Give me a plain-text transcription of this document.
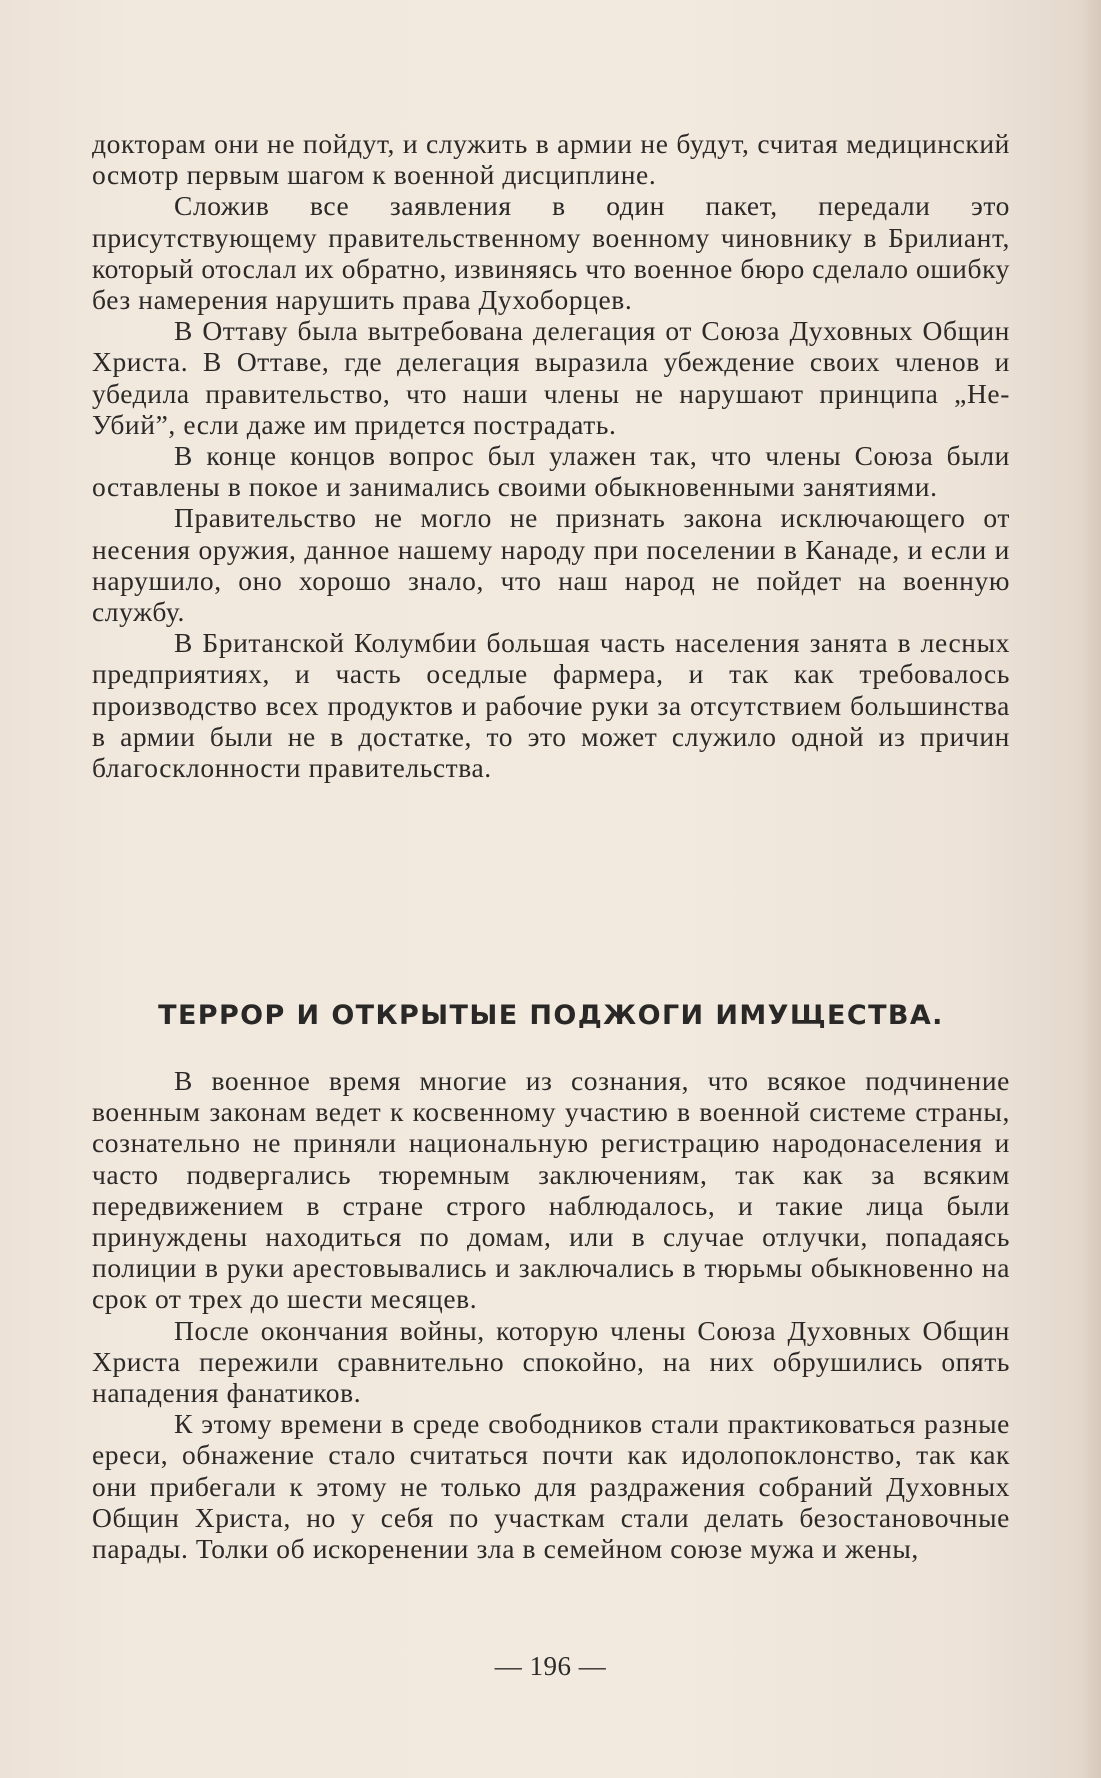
докторам они не пойдут, и служить в армии не будут, считая медицинский осмотр первым шагом к военной дисциплине.

Сложив все заявления в один пакет, передали это присутствующему правительственному военному чиновнику в Брилиант, который отослал их обратно, извиняясь что военное бюро сделало ошибку без намерения нарушить права Духоборцев.

В Оттаву была вытребована делегация от Союза Духовных Общин Христа. В Оттаве, где делегация выразила убеждение своих членов и убедила правительство, что наши члены не нарушают принципа „Не-Убий”, если даже им придется пострадать.

В конце концов вопрос был улажен так, что члены Союза были оставлены в покое и занимались своими обыкновенными занятиями.

Правительство не могло не признать закона исключающего от несения оружия, данное нашему народу при поселении в Канаде, и если и нарушило, оно хорошо знало, что наш народ не пойдет на военную службу.

В Британской Колумбии большая часть населения занята в лесных предприятиях, и часть оседлые фармера, и так как требовалось производство всех продуктов и рабочие руки за отсутствием большинства в армии были не в достатке, то это может служило одной из причин благосклонности правительства.

ТЕРРОР И ОТКРЫТЫЕ ПОДЖОГИ ИМУЩЕСТВА.

В военное время многие из сознания, что всякое подчинение военным законам ведет к косвенному участию в военной системе страны, сознательно не приняли национальную регистрацию народонаселения и часто подвергались тюремным заключениям, так как за всяким передвижением в стране строго наблюдалось, и такие лица были принуждены находиться по домам, или в случае отлучки, попадаясь полиции в руки арестовывались и заключались в тюрьмы обыкновенно на срок от трех до шести месяцев.

После окончания войны, которую члены Союза Духовных Общин Христа пережили сравнительно спокойно, на них обрушились опять нападения фанатиков.

К этому времени в среде свободников стали практиковаться разные ереси, обнажение стало считаться почти как идолопоклонство, так как они прибегали к этому не только для раздражения собраний Духовных Общин Христа, но у себя по участкам стали делать безостановочные парады. Толки об искоренении зла в семейном союзе мужа и жены,

— 196 —
